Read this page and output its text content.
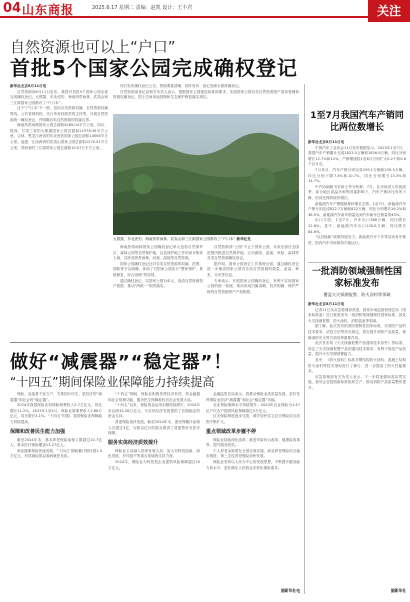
04 山东商报	2025.6.17 星期二 责编：赵凯 设计：王丰君	关注
自然资源也可以上“户口”
首批5个国家公园完成确权登记
新华社北京6月11日电

自然资源部6月11日宣布，我国对首批5个国家公园全部完成确权登记。大熊猫、东北虎豹、海南热带雨林、武夷山和三江源国家公园都有了“户口本”。

这个“户口本”不一般，包括各类资源权属、自然资源权属界线、公共管理机构、代行所有权职责的主体等，开展自然资源统一确权登记，并明确各类自然资源的权属边界。

海南热带雨林国家公园总面积4269.04平方公里。四川、陕西、甘肃三省的大熊猫国家公园总面积21978.39平方公里。吉林、黑龙江两省的东北虎豹国家公园总面积14065平方公里。福建、江西两省的武夷山国家公园总面积1270.91平方公里，青海省的三江源国家公园总面积19.07万平方公里。

同日发布确权登记公告，资源要素清晰，同时发布：登记登薄全面准确登记。

自然资源部登记局相关负责人表示，根据国家公园建设标准和要求，实现国家公园各类自然资源资产清单管理和资源权属登记，国土空间用途管制和生态保护修复落实到位。

大熊猫、东北虎豹、海南热带雨林、武夷山和三江源国家公园都有了“户口本” 新华社发

海南热带雨林国家公园确权登记单元包括自然保护区、森林公园等自然保护地，以及保护地之外的部分集体土地，共涉及热带雨林、河流、湿地等自然资源。

国家公园确权登记还对各类自然资源的权属、范围、面积等予以明确，体现了对国家公园实行“整体保护、系统修复、综合治理”的原则。

通过确权登记，以国家公园为单元，查清自然资源资产底数，推动“两统一”职责落实。

自然资源部“公园”不止于国家公园，未来还将在全国范围内推进自然保护地、江河湖泊、湿地、草原、森林等各类自然资源确权登记。

据介绍，国家公园登记工作系统全面，通过确权登记进一步理清国家公园内各类自然资源的数量、质量、种类、分布等信息。

专家表示，开展国家公园确权登记，有利于实现国家公园的统一管理，推动形成归属清晰、权责明确、保护严格的自然资源资产产权制度。

1至7月我国汽车产销同比两位数增长
新华社北京8月11日电

中国汽车工业协会11日发布数据显示，2025年1至7月，我国汽车产销累计完成1823.5万辆和1826.9万辆，同比分别增长12.7%和12%。产销增速较1至6月分别扩大0.2个和0.6个百分点。

7月单月，汽车产销分别完成259.1万辆和259.3万辆，环比分别下降7.3%和10.7%，同比分别增长13.3%和14.7%。

中汽协副秘书长陈士华分析称，7月，在市场进入传统淡季、部分地区高温多雨等因素影响下，汽车产销环比有所下降，但同比保持较快增长。

新能源汽车产销继续保持增长态势。1至7月，新能源汽车产销分别完成822.7万辆和822万辆，同比分别增长39.2%和38.5%，新能源汽车新车销量达到汽车新车总销量的45%。

出口方面，1至7月，汽车出口368万辆，同比增长12.8%。其中，新能源汽车出口130.8万辆，同比增长84.6%。

“以旧换新”政策持续发力，新能源汽车下乡等活动有序推进，国内汽车市场保持平稳运行。

一批消防领域强制性国家标准发布
覆盖火灾探测报警、防火涂料等领域
新华社北京8月11日电

记者11日从应急管理部获悉，国家市场监督管理总局（国家标准委）近日批准发布一批消防领域强制性国家标准，涉及火灾探测报警、防火涂料、消防装备等领域。

据了解，此次发布的消防强制性国家标准，对消防产品的技术要求、试验方法等作出规定，将在提升消防产品质量、保障消防安全等方面发挥重要作用。

此次发布的《火灾探测报警产品通用技术条件》等标准，规定了火灾探测报警产品的通用技术要求，有利于规范产品质量，提升火灾早期预警能力。

其中，《防火涂料》标准对钢结构防火涂料、混凝土结构防火涂料等技术指标进行了修订，进一步提高了防火性能要求。

应急管理部有关负责人表示，下一步将加强标准宣贯实施，指导企业按照新标准组织生产，推动消防产品质量整体提升。

据新华社
做好“减震器”“稳定器”！
“十四五”期间保险业保障能力持续提高

保险，连接着千家万户，关系国计民生，是经济的“减震器”和社会的“稳定器”。

2024年我国保险业原保险保费收入5.7万亿元，同比增长11.2%。2025年1至4月，保险业原保费收入2.88万亿元，同比增长3.1%。“十四五”时期，我国保险业保障能力持续提高。

保障和改善民生能力加强

截至2024年末，基本养老保险参保人数超过10.7亿人，基本医疗保险覆盖13.27亿人。

商业健康保险快速发展，“十四五”期间累计赔付超1.5万亿元，有效减轻群众看病就医负担。

“十四五”期间，保险业积极发挥经济补偿、资金融通和社会管理功能，服务民生保障和经济社会发展大局。

“十四五”以来，保险资金运用余额持续增长，2024年末达到33.26万亿元，为实体经济发展提供了长期稳定的资金支持。

普惠保险加快发展。截至2024年末，惠民保累计参保人次超过3亿，为数以亿计的群众提供了普惠型补充医疗保障。

服务实体经济质效提升

保险业主动融入国家发展大局，加大对科技创新、绿色发展、乡村振兴等重点领域的支持力度。

2024年，保险业为科技型企业提供风险保障超过10万亿元。

金融监管总局表示，将推动保险业高质量发展，更好发挥保险业经济“减震器”和社会“稳定器”功能。

农业保险保障水平持续提升，2024年农业保险为1.47亿户次农户提供风险保障超过5万亿元。

巨灾保险制度逐步完善，城乡居民住宅巨灾保险试点范围不断扩大。

重点领域改革步履不停

保险业持续深化改革，推进车险综合改革、健康险改革等，提升服务质效。

个人养老金制度在全国全面实施，商业养老保险试点稳步推进，第三支柱养老保险加快发展。

保险业坚持以人民为中心的发展思想，不断提升服务能力和水平，更好满足人民群众多样化保险需求。

据新华社电
